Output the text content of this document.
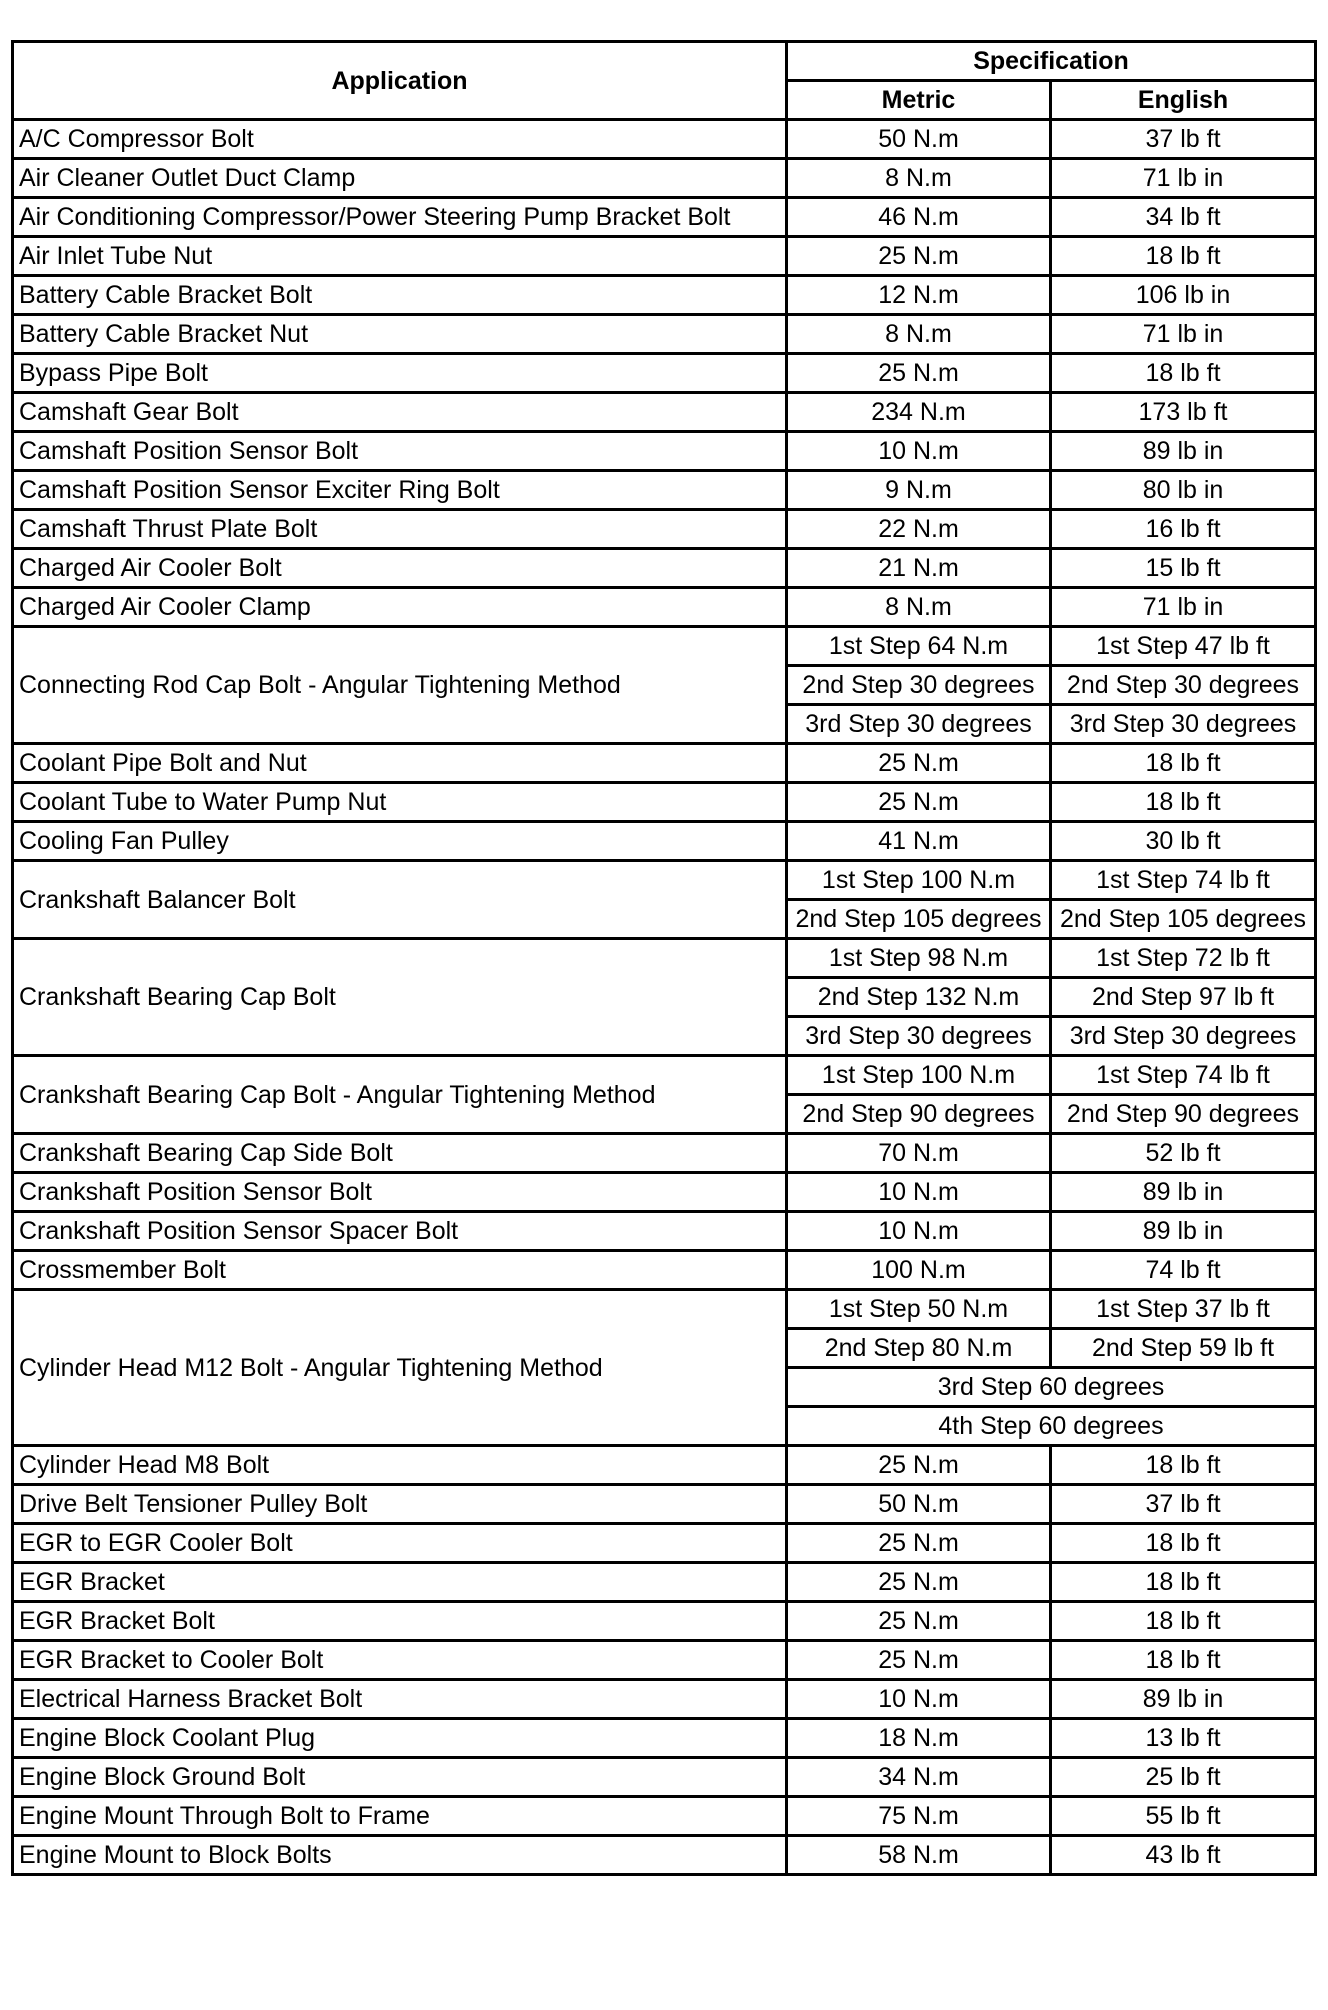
Application	Specification	
	Metric	English
A/C Compressor Bolt	50 N.m	37 lb ft
Air Cleaner Outlet Duct Clamp	8 N.m	71 lb in
Air Conditioning Compressor/Power Steering Pump Bracket Bolt	46 N.m	34 lb ft
Air Inlet Tube Nut	25 N.m	18 lb ft
Battery Cable Bracket Bolt	12 N.m	106 lb in
Battery Cable Bracket Nut	8 N.m	71 lb in
Bypass Pipe Bolt	25 N.m	18 lb ft
Camshaft Gear Bolt	234 N.m	173 lb ft
Camshaft Position Sensor Bolt	10 N.m	89 lb in
Camshaft Position Sensor Exciter Ring Bolt	9 N.m	80 lb in
Camshaft Thrust Plate Bolt	22 N.m	16 lb ft
Charged Air Cooler Bolt	21 N.m	15 lb ft
Charged Air Cooler Clamp	8 N.m	71 lb in
Connecting Rod Cap Bolt - Angular Tightening Method	1st Step 64 N.m	1st Step 47 lb ft
	2nd Step 30 degrees	2nd Step 30 degrees
	3rd Step 30 degrees	3rd Step 30 degrees
Coolant Pipe Bolt and Nut	25 N.m	18 lb ft
Coolant Tube to Water Pump Nut	25 N.m	18 lb ft
Cooling Fan Pulley	41 N.m	30 lb ft
Crankshaft Balancer Bolt	1st Step 100 N.m	1st Step 74 lb ft
	2nd Step 105 degrees	2nd Step 105 degrees
Crankshaft Bearing Cap Bolt	1st Step 98 N.m	1st Step 72 lb ft
	2nd Step 132 N.m	2nd Step 97 lb ft
	3rd Step 30 degrees	3rd Step 30 degrees
Crankshaft Bearing Cap Bolt - Angular Tightening Method	1st Step 100 N.m	1st Step 74 lb ft
	2nd Step 90 degrees	2nd Step 90 degrees
Crankshaft Bearing Cap Side Bolt	70 N.m	52 lb ft
Crankshaft Position Sensor Bolt	10 N.m	89 lb in
Crankshaft Position Sensor Spacer Bolt	10 N.m	89 lb in
Crossmember Bolt	100 N.m	74 lb ft
Cylinder Head M12 Bolt - Angular Tightening Method	1st Step 50 N.m	1st Step 37 lb ft
	2nd Step 80 N.m	2nd Step 59 lb ft
	3rd Step 60 degrees	
	4th Step 60 degrees	
Cylinder Head M8 Bolt	25 N.m	18 lb ft
Drive Belt Tensioner Pulley Bolt	50 N.m	37 lb ft
EGR to EGR Cooler Bolt	25 N.m	18 lb ft
EGR Bracket	25 N.m	18 lb ft
EGR Bracket Bolt	25 N.m	18 lb ft
EGR Bracket to Cooler Bolt	25 N.m	18 lb ft
Electrical Harness Bracket Bolt	10 N.m	89 lb in
Engine Block Coolant Plug	18 N.m	13 lb ft
Engine Block Ground Bolt	34 N.m	25 lb ft
Engine Mount Through Bolt to Frame	75 N.m	55 lb ft
Engine Mount to Block Bolts	58 N.m	43 lb ft
